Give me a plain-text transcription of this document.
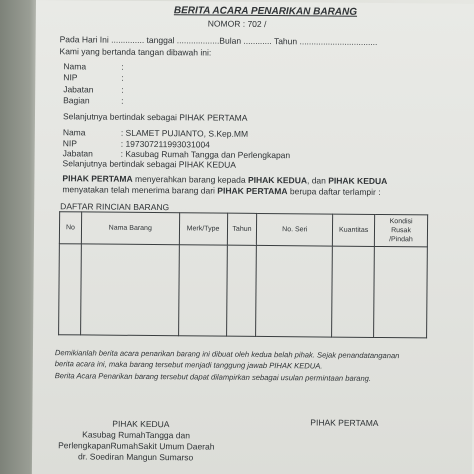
BERITA ACARA PENARIKAN BARANG
NOMOR : 702 /
Pada Hari Ini .............. tanggal ..................Bulan ............ Tahun .................................
Kami yang bertanda tangan dibawah ini:
Nama	:
NIP	:
Jabatan	:
Bagian	:
Selanjutnya bertindak sebagai PIHAK PERTAMA
Nama	: SLAMET PUJIANTO, S.Kep.MM
NIP	: 197307211993031004
Jabatan	: Kasubag Rumah Tangga dan Perlengkapan
Selanjutnya bertindak sebagai PIHAK KEDUA
PIHAK PERTAMA menyerahkan barang kepada PIHAK KEDUA, dan PIHAK KEDUA
menyatakan telah menerima barang dari PIHAK PERTAMA berupa daftar terlampir :
DAFTAR RINCIAN BARANG
No	Nama Barang	Merk/Type	Tahun	No. Seri	Kuantitas	Kondisi
Rusak
/Pindah

Demikianlah berita acara penarikan barang ini dibuat oleh kedua belah pihak. Sejak penandatanganan
berita acara ini, maka barang tersebut menjadi tanggung jawab PIHAK KEDUA.
Berita Acara Penarikan barang tersebut dapat dilampirkan sebagai usulan permintaan barang.
PIHAK KEDUA
Kasubag RumahTangga dan
PerlengkapanRumahSakit Umum Daerah
dr. Soediran Mangun Sumarso
PIHAK PERTAMA
